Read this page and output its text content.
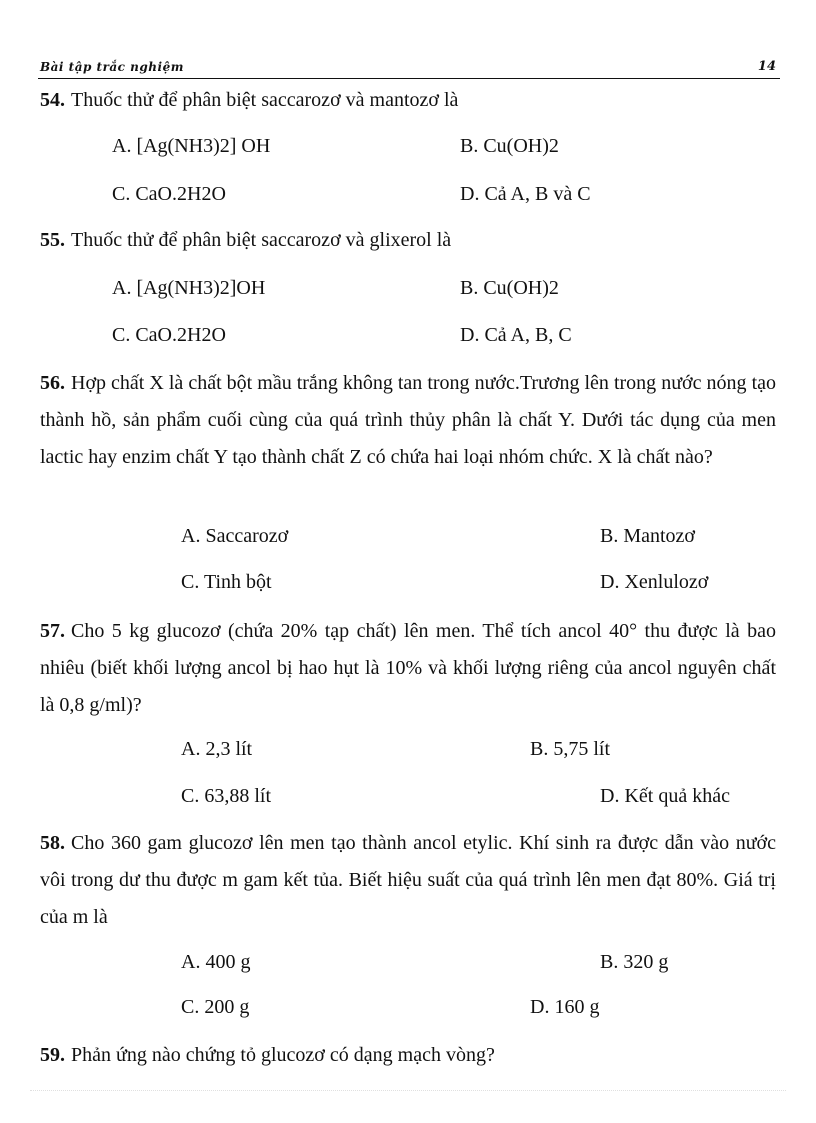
Bài tập trắc nghiệm	14
54. Thuốc thử để phân biệt saccarozơ và mantozơ là
A. [Ag(NH3)2] OH	B. Cu(OH)2
C. CaO.2H2O	D. Cả A, B và C
55. Thuốc thử để phân biệt saccarozơ và glixerol là
A. [Ag(NH3)2]OH	B. Cu(OH)2
C. CaO.2H2O	D. Cả A, B, C
56. Hợp chất X là chất bột mầu trắng không tan trong nước.Trương lên trong nước nóng tạo thành hồ, sản phẩm cuối cùng của quá trình thủy phân là chất Y. Dưới tác dụng của men lactic hay enzim chất Y tạo thành chất Z có chứa hai loại nhóm chức. X là chất nào?
A. Saccarozơ	B. Mantozơ
C. Tinh bột	D. Xenlulozơ
57. Cho 5 kg glucozơ (chứa 20% tạp chất) lên men. Thể tích ancol 40° thu được là bao nhiêu (biết khối lượng ancol bị hao hụt là 10% và khối lượng riêng của ancol nguyên chất là 0,8 g/ml)?
A. 2,3 lít	B. 5,75 lít
C. 63,88 lít	D. Kết quả khác
58. Cho 360 gam glucozơ lên men tạo thành ancol etylic. Khí sinh ra được dẫn vào nước vôi trong dư thu được m gam kết tủa. Biết hiệu suất của quá trình lên men đạt 80%. Giá trị của m là
A. 400 g	B. 320 g
C. 200 g	D. 160 g
59. Phản ứng nào chứng tỏ glucozơ có dạng mạch vòng?
